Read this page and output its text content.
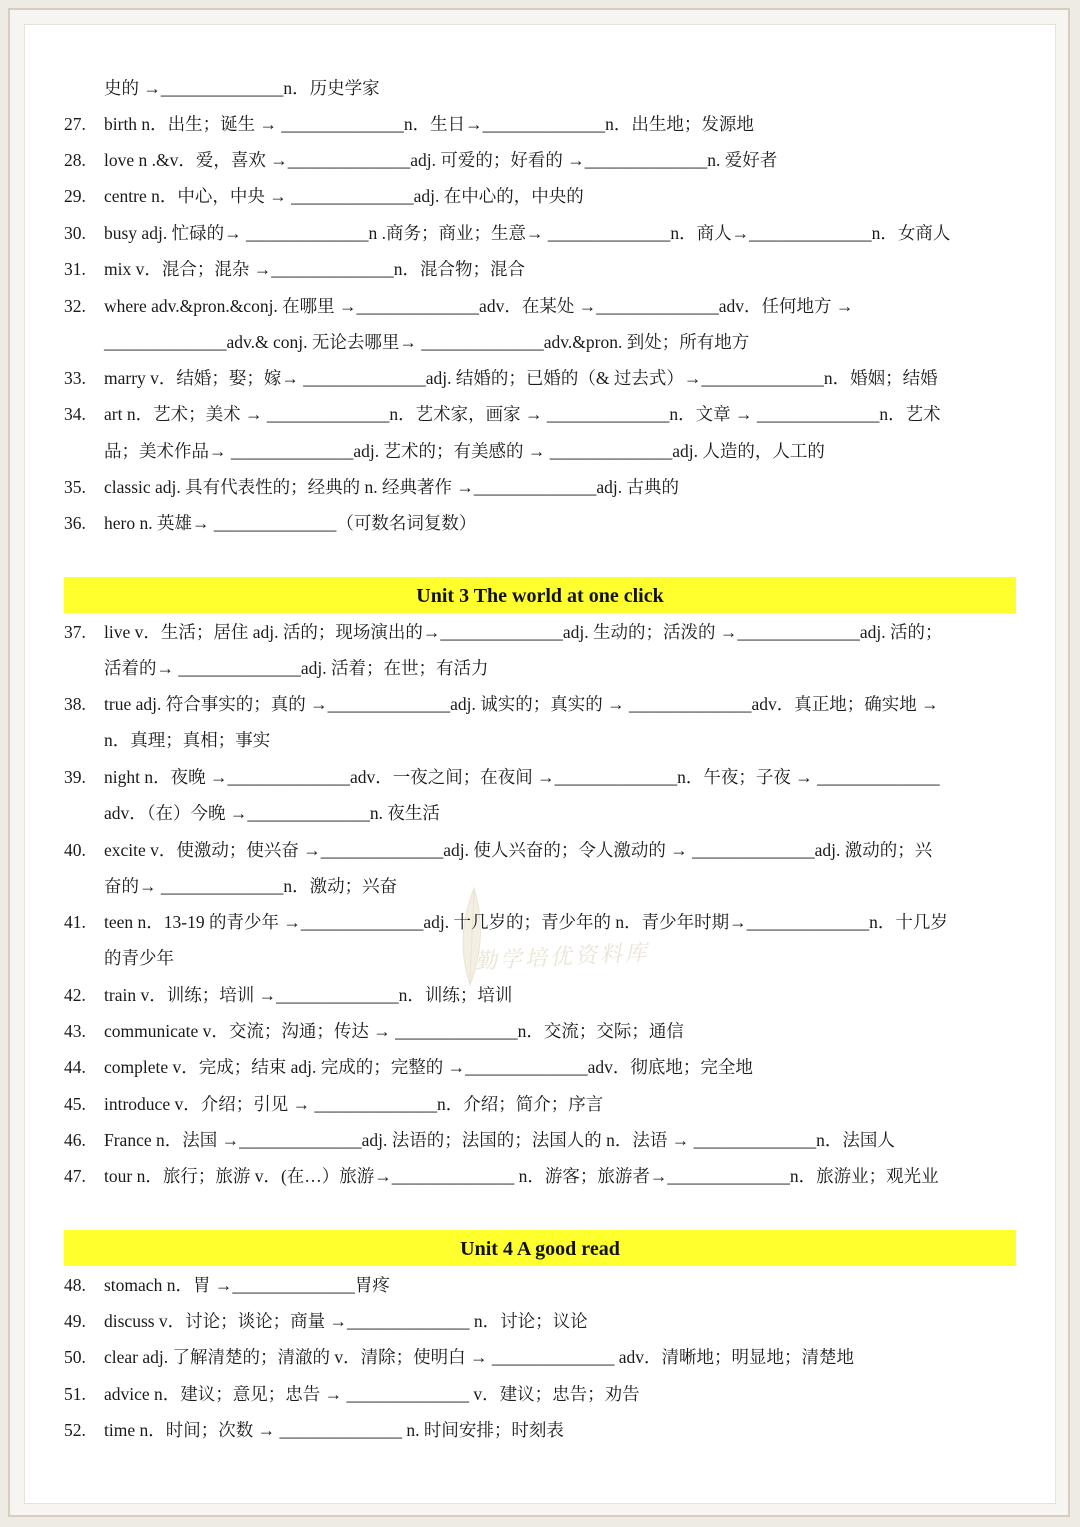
勤学培优资料库
史的 →______________n．历史学家
27.	birth n．出生；诞生 → ______________n．生日→______________n．出生地；发源地
28.	love n .&v．爱，喜欢 →______________adj. 可爱的；好看的 →______________n. 爱好者
29.	centre n．中心，中央 → ______________adj. 在中心的，中央的
30.	busy adj. 忙碌的→ ______________n .商务；商业；生意→ ______________n．商人→______________n．女商人
31.	mix v．混合；混杂 →______________n．混合物；混合
32.	where adv.&pron.&conj. 在哪里 →______________adv．在某处 →______________adv．任何地方 →
______________adv.& conj. 无论去哪里→ ______________adv.&pron. 到处；所有地方
33.	marry v．结婚；娶；嫁→ ______________adj. 结婚的；已婚的（& 过去式）→______________n．婚姻；结婚
34.	art n．艺术；美术 → ______________n．艺术家，画家 → ______________n．文章 → ______________n．艺术
品；美术作品→ ______________adj. 艺术的；有美感的 → ______________adj. 人造的，人工的
35.	classic adj. 具有代表性的；经典的 n. 经典著作 →______________adj. 古典的
36.	hero n. 英雄→ ______________（可数名词复数）
Unit 3 The world at one click
37.	live v．生活；居住 adj. 活的；现场演出的→______________adj. 生动的；活泼的 →______________adj. 活的；
活着的→ ______________adj. 活着；在世；有活力
38.	true adj. 符合事实的；真的 →______________adj. 诚实的；真实的 → ______________adv．真正地；确实地 →
n．真理；真相；事实
39.	night n．夜晚 →______________adv．一夜之间；在夜间 →______________n．午夜；子夜 → ______________
adv．（在）今晚 →______________n. 夜生活
40.	excite v．使激动；使兴奋 →______________adj. 使人兴奋的；令人激动的 → ______________adj. 激动的；兴
奋的→ ______________n．激动；兴奋
41.	teen n．13-19 的青少年 →______________adj. 十几岁的；青少年的 n．青少年时期→______________n．十几岁
的青少年
42.	train v．训练；培训 →______________n．训练；培训
43.	communicate v．交流；沟通；传达 → ______________n．交流；交际；通信
44.	complete v．完成；结束 adj. 完成的；完整的 →______________adv．彻底地；完全地
45.	introduce v．介绍；引见 → ______________n．介绍；简介；序言
46.	France n．法国 →______________adj. 法语的；法国的；法国人的 n．法语 → ______________n．法国人
47.	tour n．旅行；旅游 v．(在…）旅游→______________ n．游客；旅游者→______________n．旅游业；观光业
Unit 4 A good read
48.	stomach n．胃 →______________胃疼
49.	discuss v．讨论；谈论；商量 →______________ n．讨论；议论
50.	clear adj. 了解清楚的；清澈的 v．清除；使明白 → ______________ adv．清晰地；明显地；清楚地
51.	advice n．建议；意见；忠告 → ______________ v．建议；忠告；劝告
52.	time n．时间；次数 → ______________ n. 时间安排；时刻表
